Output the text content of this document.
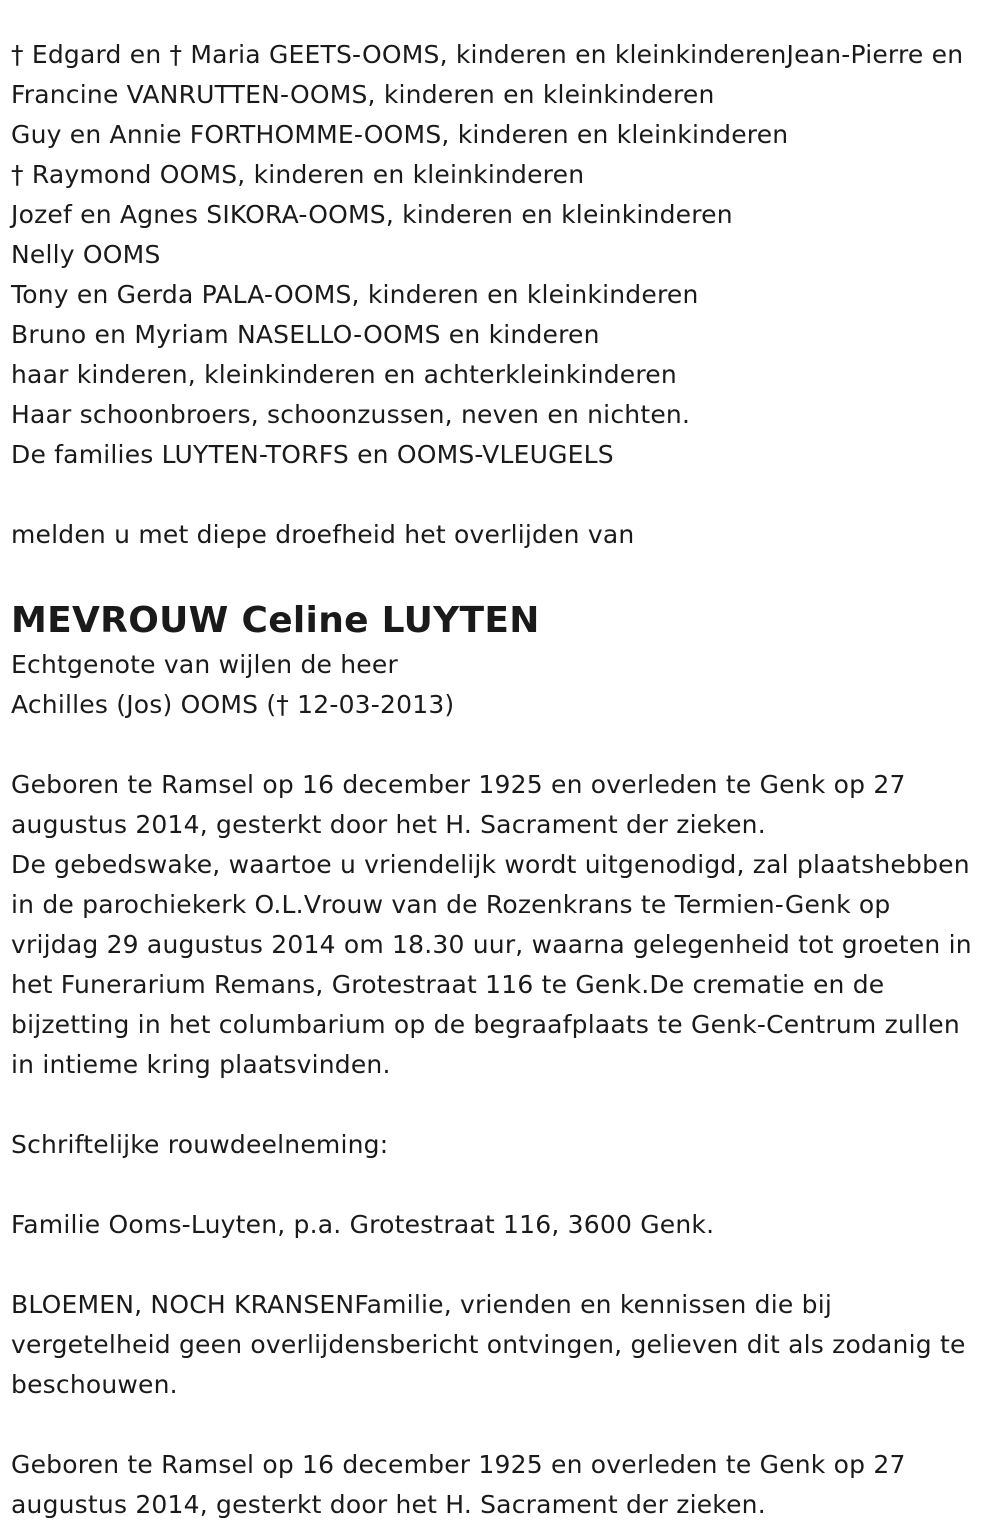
† Edgard en † Maria GEETS-OOMS, kinderen en kleinkinderenJean-Pierre en Francine VANRUTTEN-OOMS, kinderen en kleinkinderen
Guy en Annie FORTHOMME-OOMS, kinderen en kleinkinderen
† Raymond OOMS, kinderen en kleinkinderen
Jozef en Agnes SIKORA-OOMS, kinderen en kleinkinderen
Nelly OOMS
Tony en Gerda PALA-OOMS, kinderen en kleinkinderen
Bruno en Myriam NASELLO-OOMS en kinderen
haar kinderen, kleinkinderen en achterkleinkinderen
Haar schoonbroers, schoonzussen, neven en nichten.
De families LUYTEN-TORFS en OOMS-VLEUGELS
melden u met diepe droefheid het overlijden van
MEVROUW Celine LUYTEN
Echtgenote van wijlen de heer
Achilles (Jos) OOMS († 12-03-2013)
Geboren te Ramsel op 16 december 1925 en overleden te Genk op 27 augustus 2014, gesterkt door het H. Sacrament der zieken.
De gebedswake, waartoe u vriendelijk wordt uitgenodigd, zal plaatshebben in de parochiekerk O.L.Vrouw van de Rozenkrans te Termien-Genk op vrijdag 29 augustus 2014 om 18.30 uur, waarna gelegenheid tot groeten in het Funerarium Remans, Grotestraat 116 te Genk.De crematie en de bijzetting in het columbarium op de begraafplaats te Genk-Centrum zullen in intieme kring plaatsvinden.
Schriftelijke rouwdeelneming:
Familie Ooms-Luyten, p.a. Grotestraat 116, 3600 Genk.
BLOEMEN, NOCH KRANSENFamilie, vrienden en kennissen die bij vergetelheid geen overlijdensbericht ontvingen, gelieven dit als zodanig te beschouwen.
Geboren te Ramsel op 16 december 1925 en overleden te Genk op 27 augustus 2014, gesterkt door het H. Sacrament der zieken.
